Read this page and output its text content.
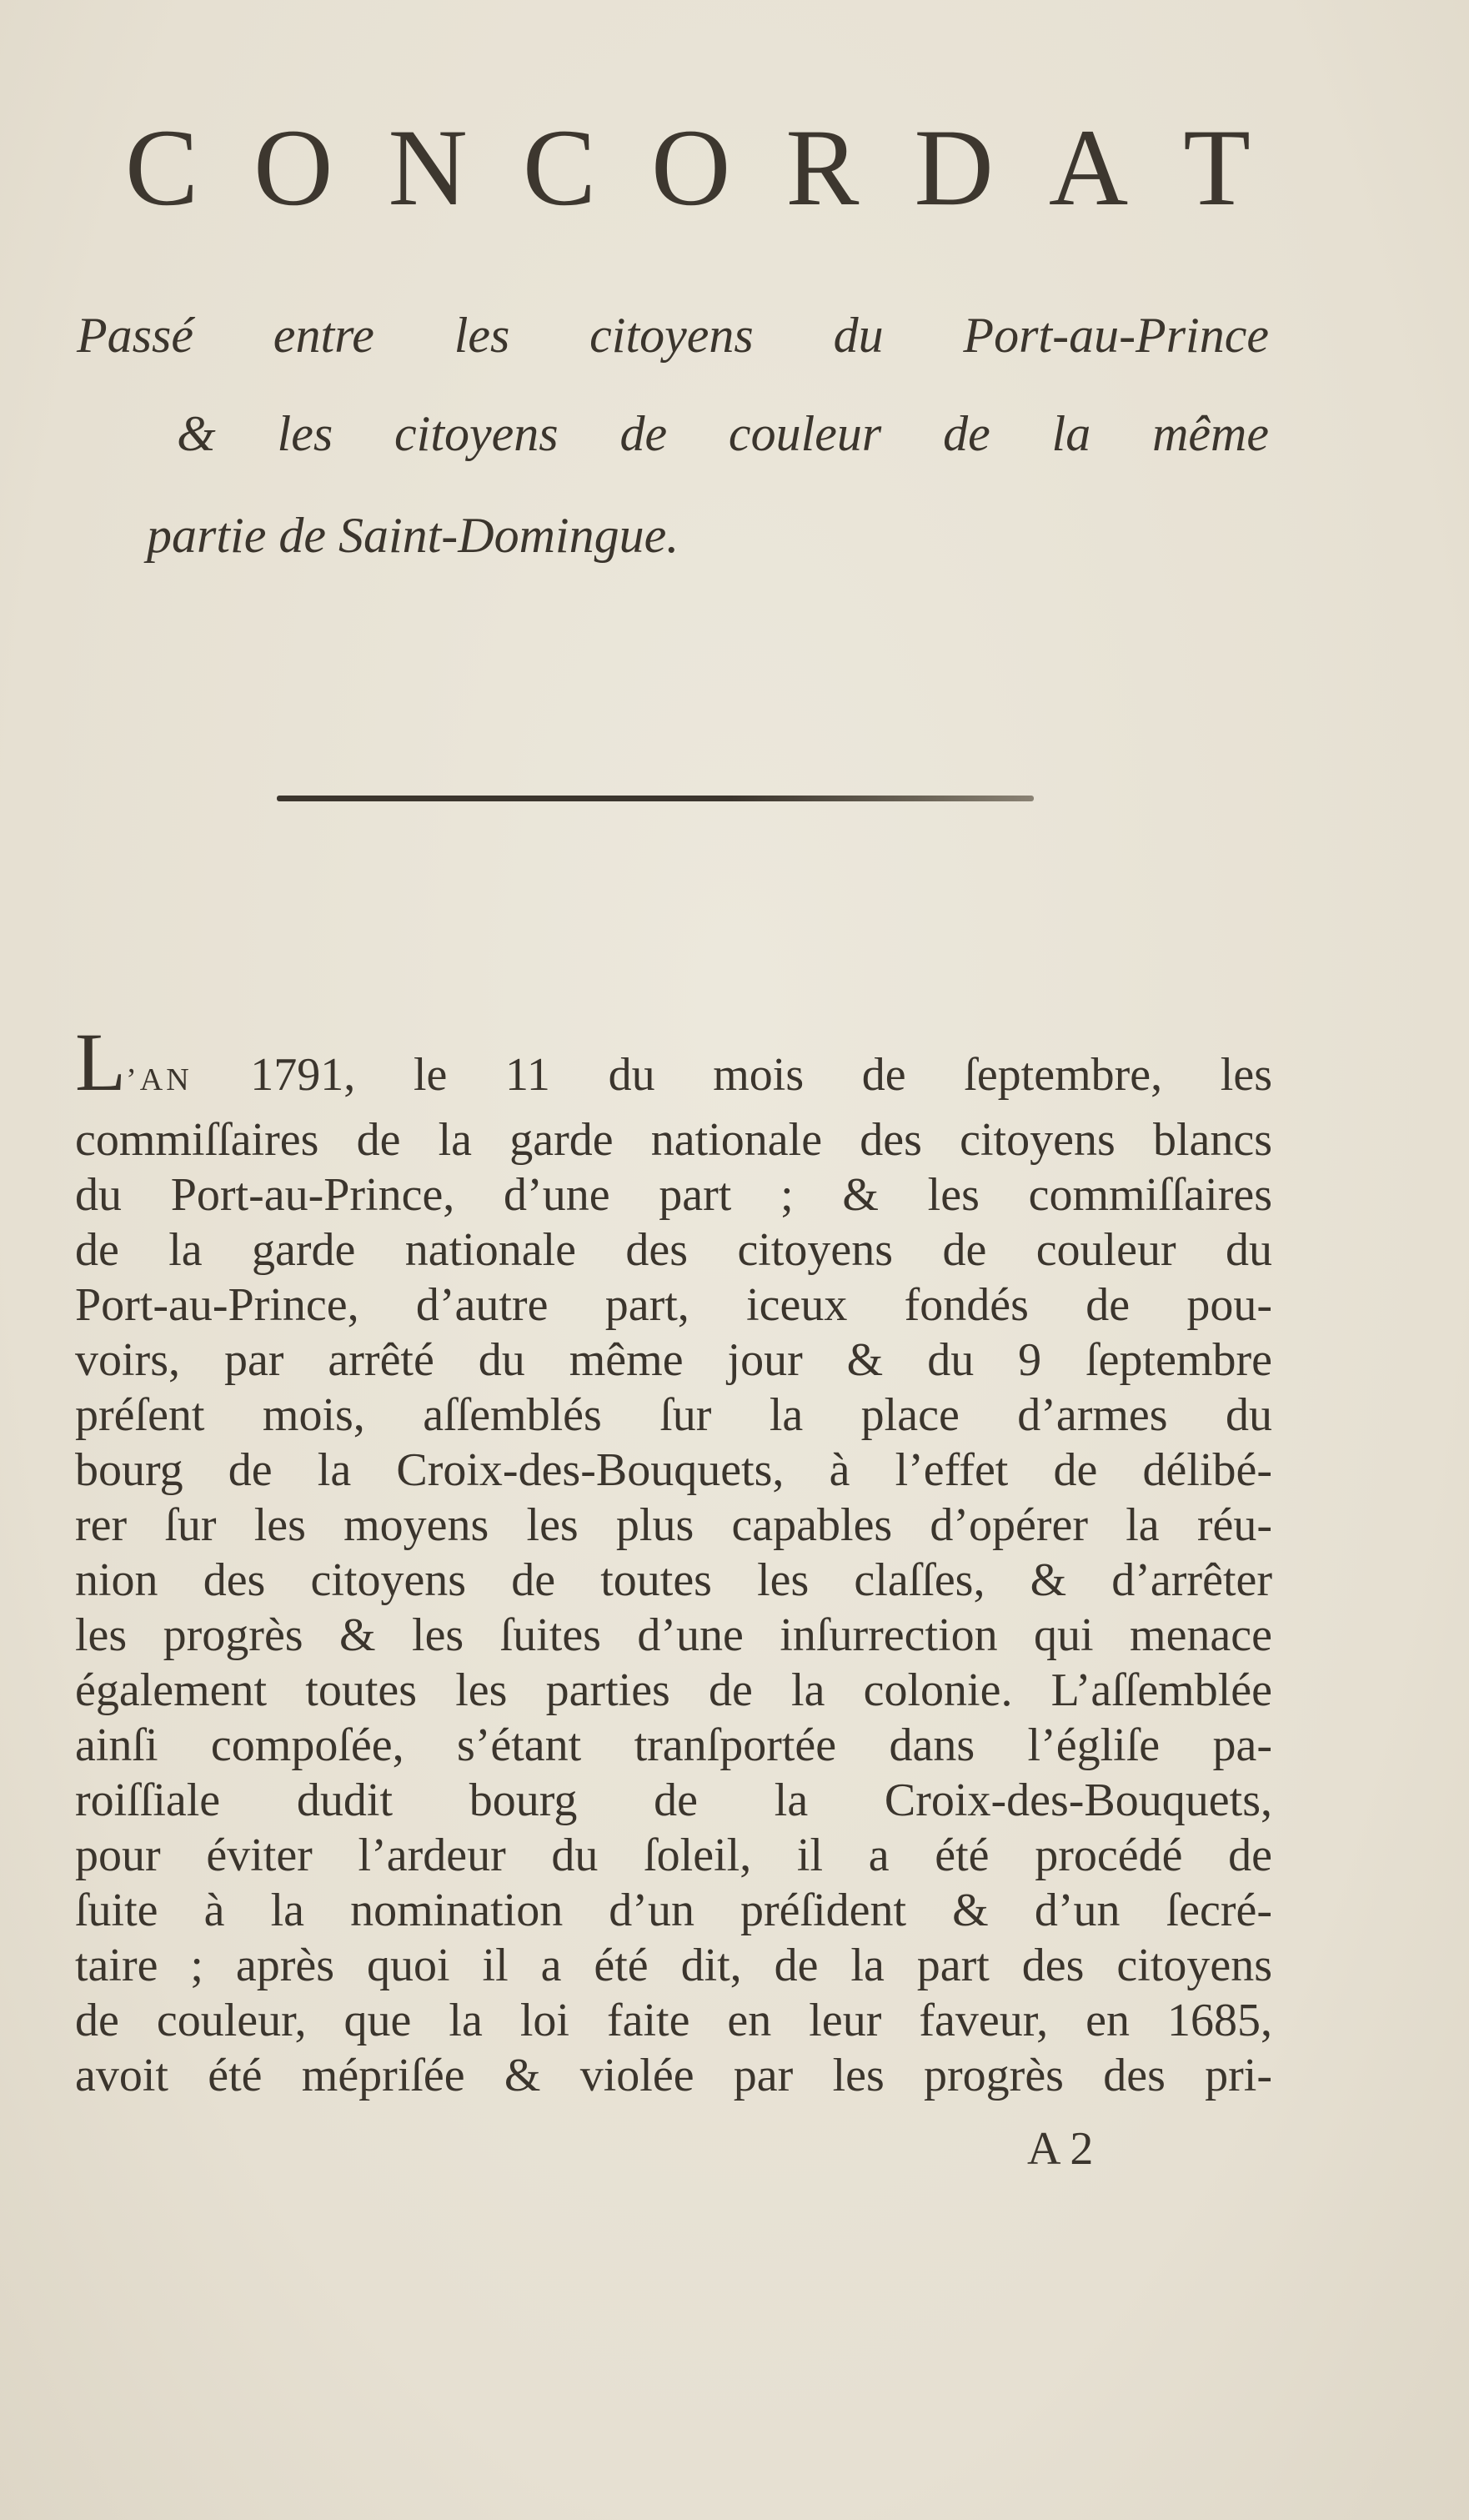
C O N C O R D A T
Passé entre les citoyens du Port-au-Prince
& les citoyens de couleur de la même
partie de Saint-Domingue.
L’AN 1791, le 11 du mois de ſeptembre, les
commiſſaires de la garde nationale des citoyens blancs
du Port-au-Prince, d’une part ; & les commiſſaires
de la garde nationale des citoyens de couleur du
Port-au-Prince, d’autre part, iceux fondés de pou-
voirs, par arrêté du même jour & du 9 ſeptembre
préſent mois, aſſemblés ſur la place d’armes du
bourg de la Croix-des-Bouquets, à l’effet de délibé-
rer ſur les moyens les plus capables d’opérer la réu-
nion des citoyens de toutes les claſſes, & d’arrêter
les progrès & les ſuites d’une inſurrection qui menace
également toutes les parties de la colonie. L’aſſemblée
ainſi compoſée, s’étant tranſportée dans l’égliſe pa-
roiſſiale dudit bourg de la Croix-des-Bouquets,
pour éviter l’ardeur du ſoleil, il a été procédé de
ſuite à la nomination d’un préſident & d’un ſecré-
taire ; après quoi il a été dit, de la part des citoyens
de couleur, que la loi faite en leur faveur, en 1685,
avoit été mépriſée & violée par les progrès des pri-
A 2
